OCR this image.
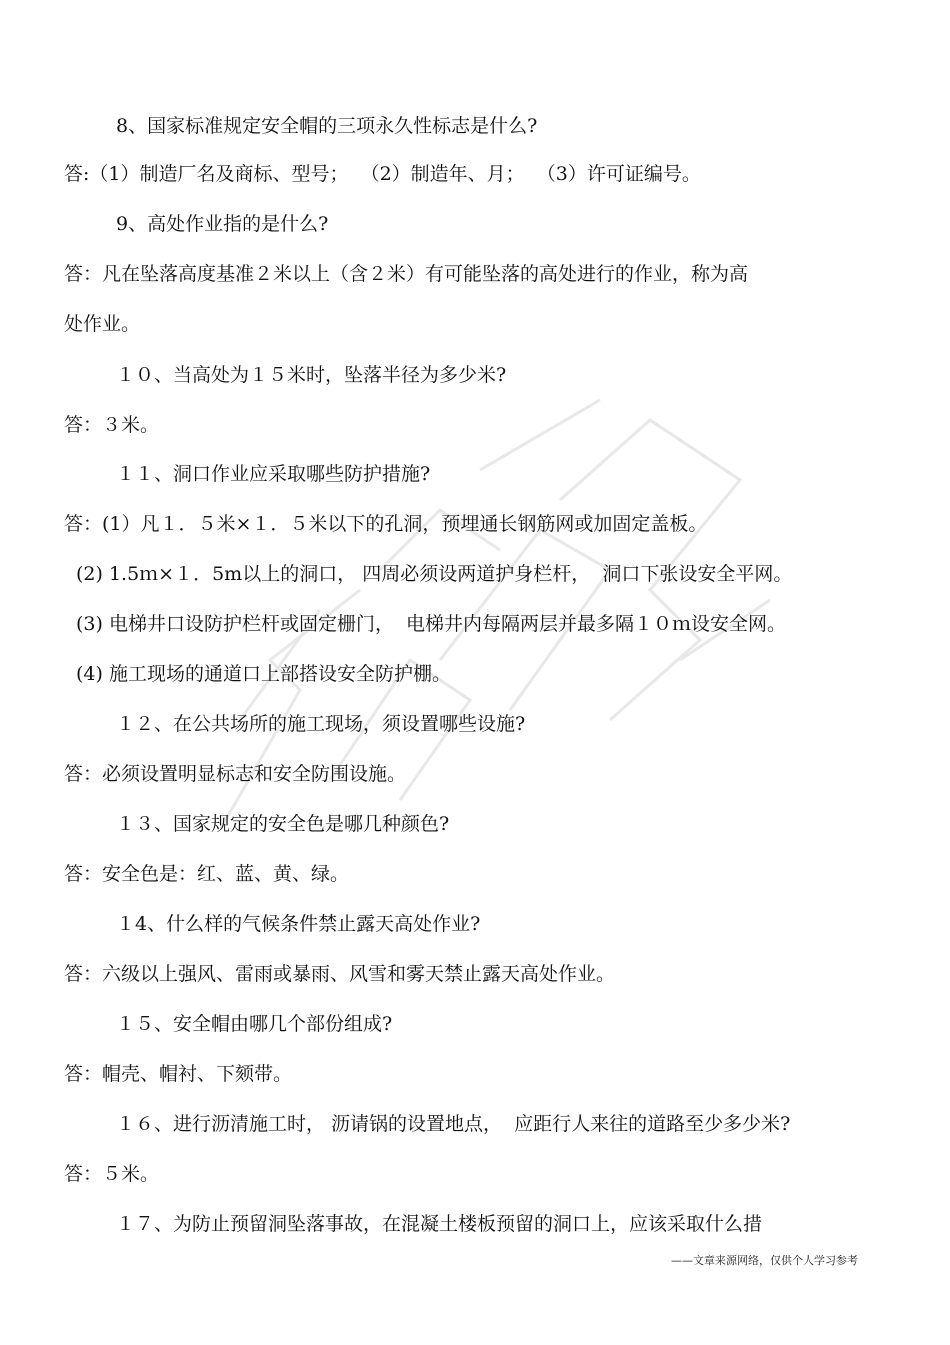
8、国家标准规定安全帽的三项永久性标志是什么?
答:（1）制造厂名及商标、型号；  （2）制造年、月；  （3）许可证编号。
9、高处作业指的是什么?
答：凡在坠落高度基准２米以上（含２米）有可能坠落的高处进行的作业，称为高
处作业。
１０、当高处为１５米时，坠落半径为多少米?
答：３米。
１１、洞口作业应采取哪些防护措施?
答：(1）凡１．５米×１．５米以下的孔洞，预埋通长钢筋网或加固定盖板。
(2) 1.5ｍ×１．5m以上的洞口， 四周必须设两道护身栏杆，  洞口下张设安全平网。
(3) 电梯井口设防护栏杆或固定栅门，  电梯井内每隔两层并最多隔１０ｍ设安全网。
(4) 施工现场的通道口上部搭设安全防护棚。
１２、在公共场所的施工现场，须设置哪些设施?
答：必须设置明显标志和安全防围设施。
１３、国家规定的安全色是哪几种颜色?
答：安全色是：红、蓝、黄、绿。
１4、什么样的气候条件禁止露天高处作业?
答：六级以上强风、雷雨或暴雨、风雪和雾天禁止露天高处作业。
１５、安全帽由哪几个部份组成?
答：帽壳、帽衬、下颏带。
１６、进行沥清施工时， 沥请锅的设置地点，  应距行人来往的道路至少多少米?
答：５米。
１７、为防止预留洞坠落事故，在混凝土楼板预留的洞口上，应该采取什么措
——文章来源网络，仅供个人学习参考
